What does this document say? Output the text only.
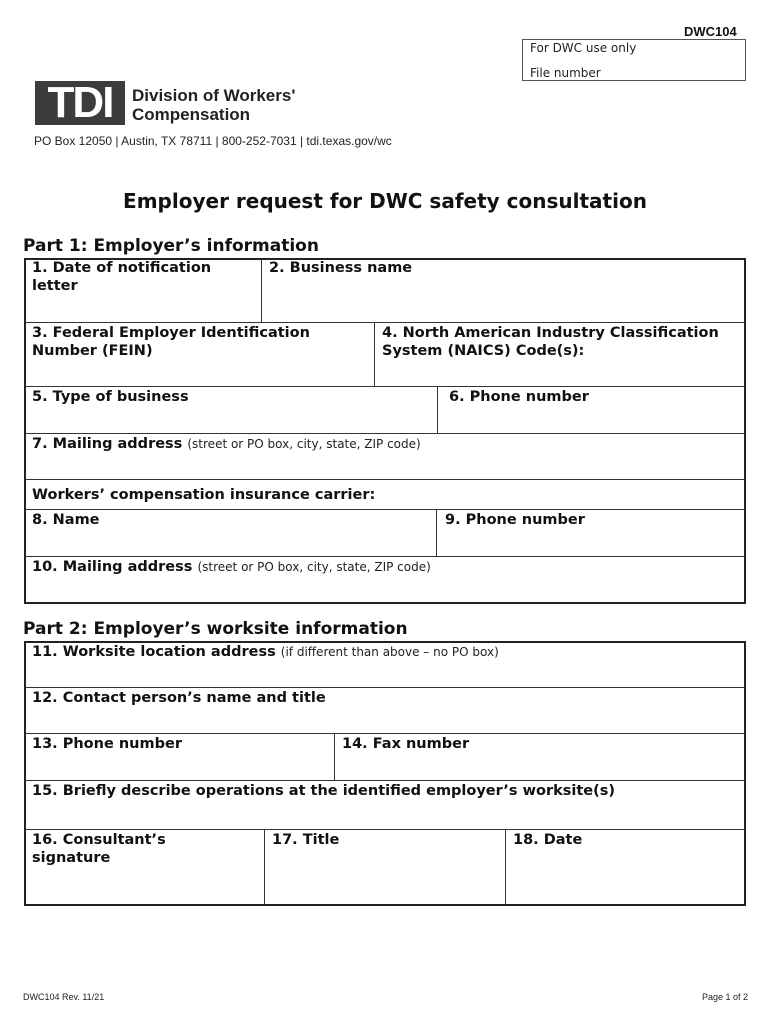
DWC104
For DWC use only
File number
TDI	Division of Workers'
Compensation
PO Box 12050 | Austin, TX 78711 | 800-252-7031 | tdi.texas.gov/wc
Employer request for DWC safety consultation
Part 1: Employer’s information
1. Date of notification
letter
2. Business name
3. Federal Employer Identification
Number (FEIN)
4. North American Industry Classification
System (NAICS) Code(s):
5. Type of business	6. Phone number
7. Mailing address (street or PO box, city, state, ZIP code)
Workers’ compensation insurance carrier:
8. Name	9. Phone number
10. Mailing address (street or PO box, city, state, ZIP code)
Part 2: Employer’s worksite information
11. Worksite location address (if different than above – no PO box)
12. Contact person’s name and title
13. Phone number	14. Fax number
15. Briefly describe operations at the identified employer’s worksite(s)
16. Consultant’s
signature
17. Title	18. Date
DWC104 Rev. 11/21	Page 1 of 2
